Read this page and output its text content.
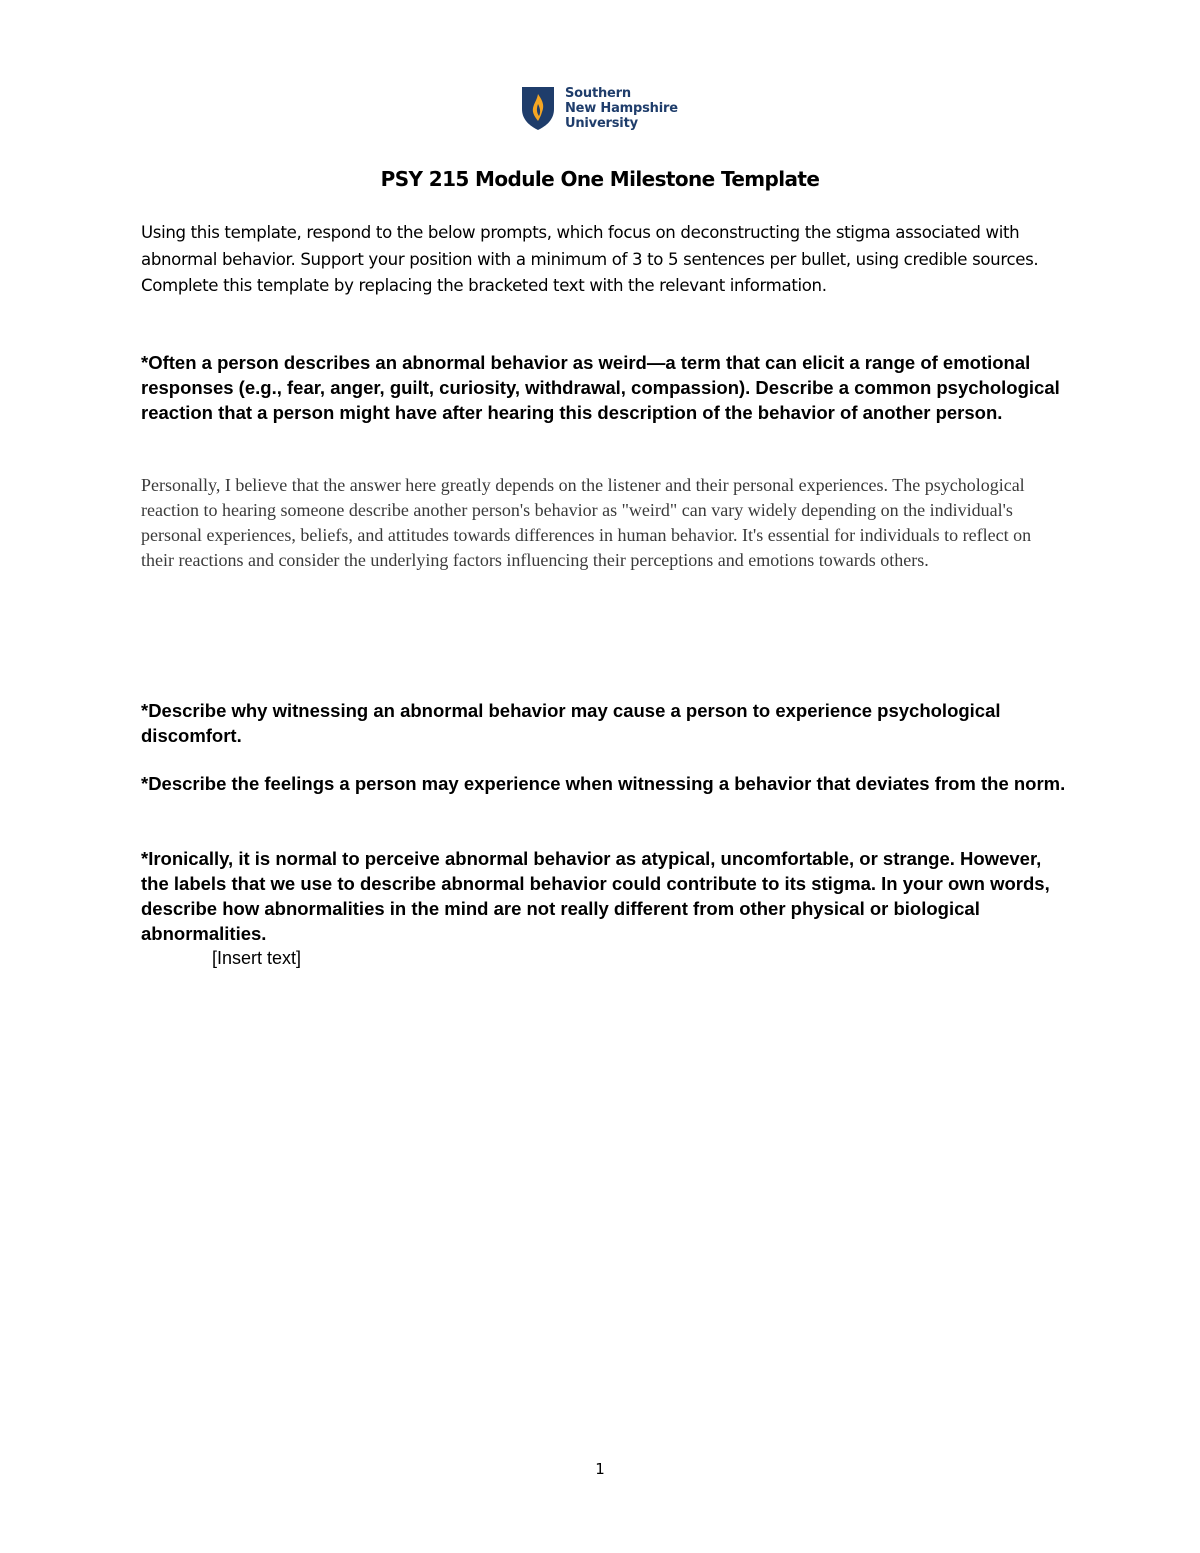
Southern
New Hampshire
University
PSY 215 Module One Milestone Template

Using this template, respond to the below prompts, which focus on deconstructing the stigma associated with abnormal behavior. Support your position with a minimum of 3 to 5 sentences per bullet, using credible sources. Complete this template by replacing the bracketed text with the relevant information.

*Often a person describes an abnormal behavior as weird—a term that can elicit a range of emotional responses (e.g., fear, anger, guilt, curiosity, withdrawal, compassion). Describe a common psychological reaction that a person might have after hearing this description of the behavior of another person.

Personally, I believe that the answer here greatly depends on the listener and their personal experiences. The psychological reaction to hearing someone describe another person's behavior as "weird" can vary widely depending on the individual's personal experiences, beliefs, and attitudes towards differences in human behavior. It's essential for individuals to reflect on their reactions and consider the underlying factors influencing their perceptions and emotions towards others.

*Describe why witnessing an abnormal behavior may cause a person to experience psychological discomfort.

*Describe the feelings a person may experience when witnessing a behavior that deviates from the norm.

*Ironically, it is normal to perceive abnormal behavior as atypical, uncomfortable, or strange. However, the labels that we use to describe abnormal behavior could contribute to its stigma. In your own words, describe how abnormalities in the mind are not really different from other physical or biological abnormalities.

[Insert text]

1
